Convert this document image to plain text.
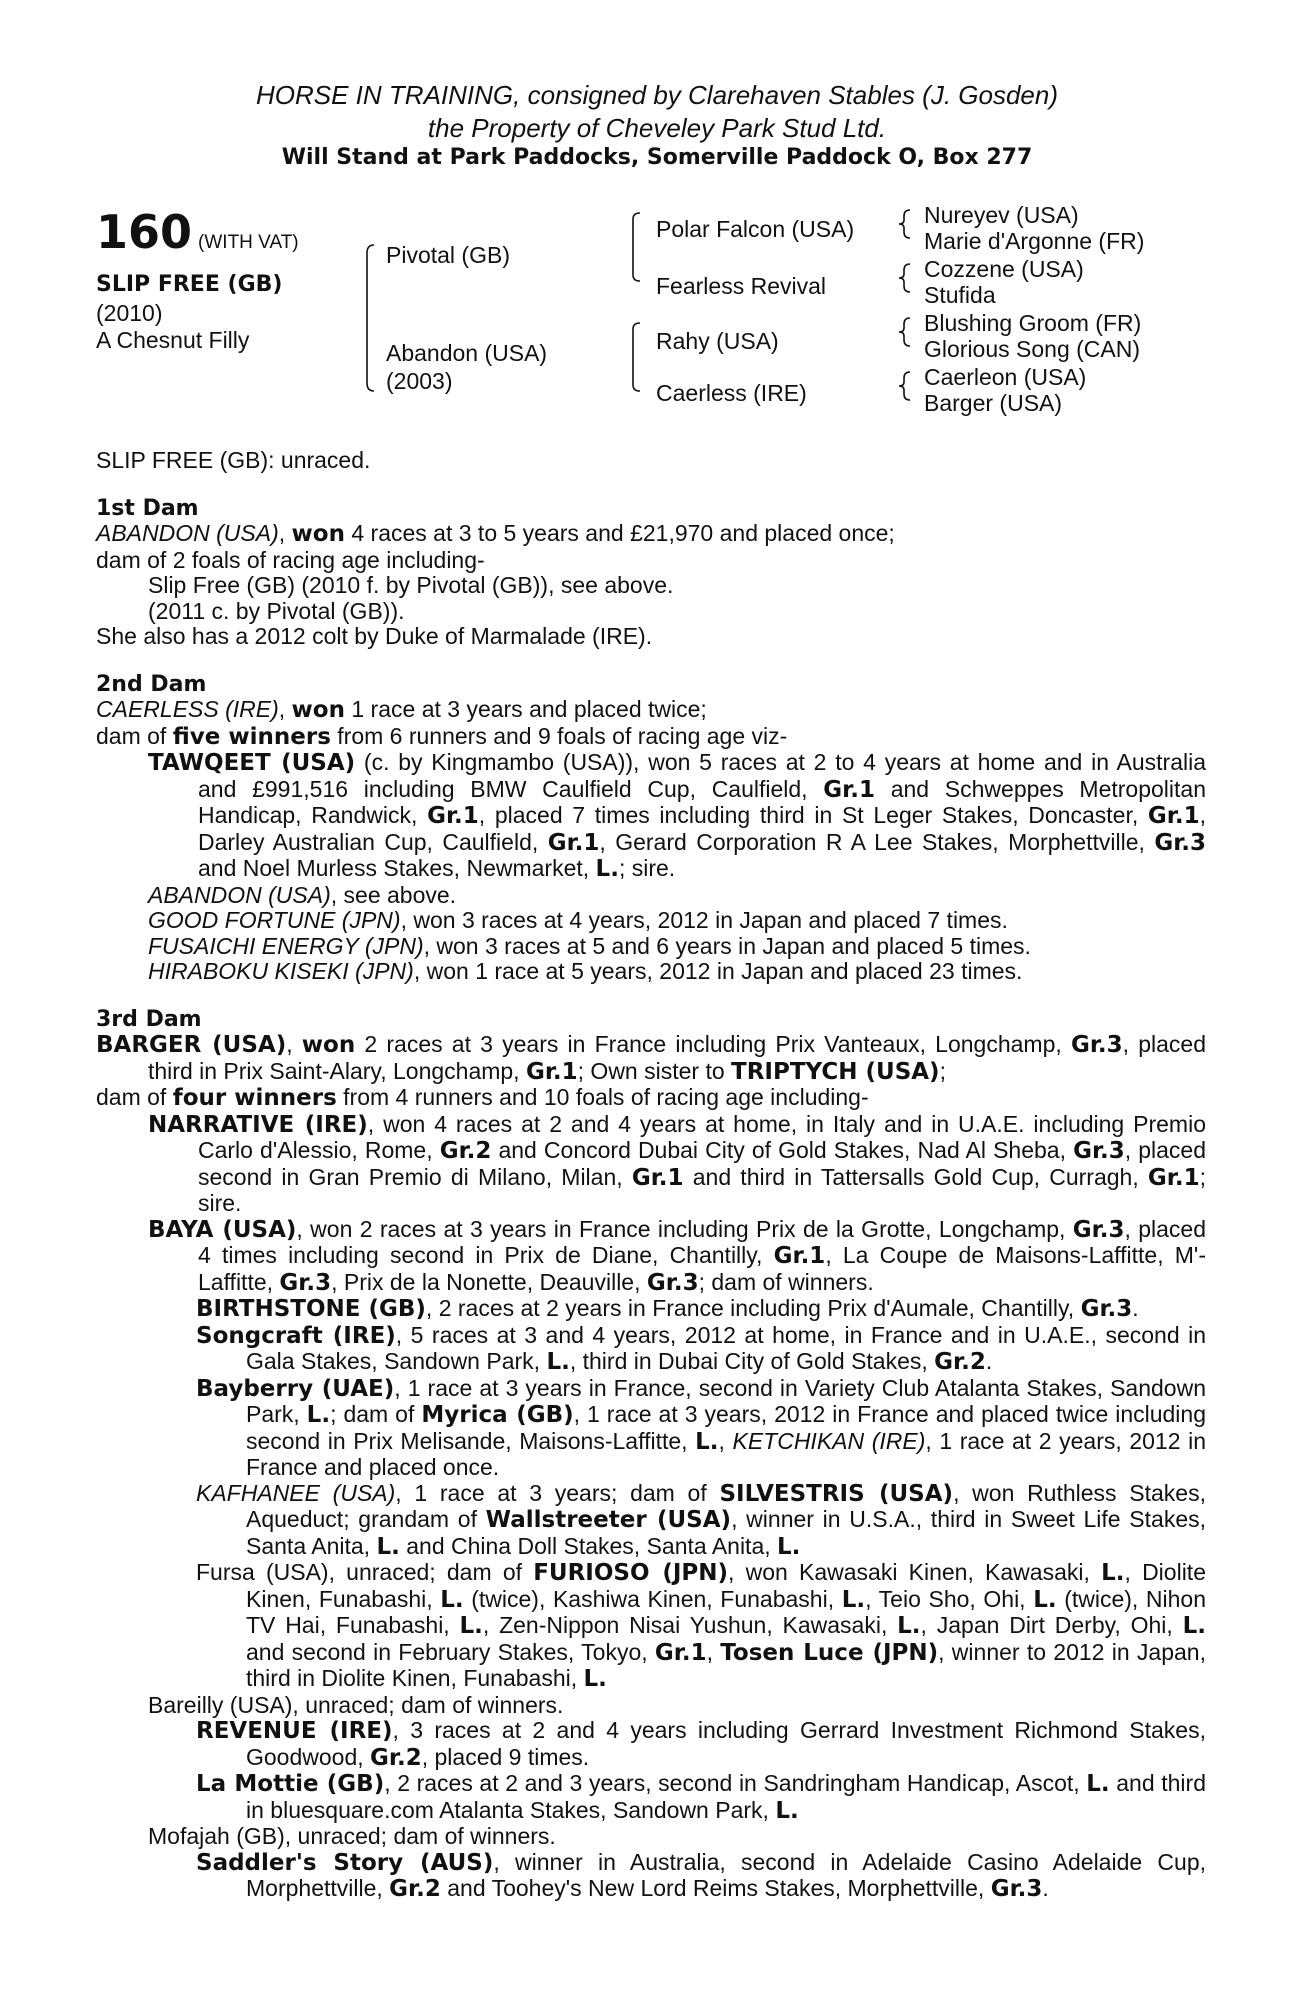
HORSE IN TRAINING, consigned by Clarehaven Stables (J. Gosden)
the Property of Cheveley Park Stud Ltd.
Will Stand at Park Paddocks, Somerville Paddock O, Box 277
160 (WITH VAT)
SLIP FREE (GB)
(2010)
A Chesnut Filly
Pivotal (GB)
Abandon (USA)
(2003)
Polar Falcon (USA)
Fearless Revival
Rahy (USA)
Caerless (IRE)
Nureyev (USA)
Marie d'Argonne (FR)
Cozzene (USA)
Stufida
Blushing Groom (FR)
Glorious Song (CAN)
Caerleon (USA)
Barger (USA)

SLIP FREE (GB): unraced.

1st Dam

ABANDON (USA), won 4 races at 3 to 5 years and £21,970 and placed once;

dam of 2 foals of racing age including-

Slip Free (GB) (2010 f. by Pivotal (GB)), see above.

(2011 c. by Pivotal (GB)).

She also has a 2012 colt by Duke of Marmalade (IRE).

2nd Dam

CAERLESS (IRE), won 1 race at 3 years and placed twice;

dam of five winners from 6 runners and 9 foals of racing age viz-

TAWQEET (USA) (c. by Kingmambo (USA)), won 5 races at 2 to 4 years at home and in Australia and £991,516 including BMW Caulfield Cup, Caulfield, Gr.1 and Schweppes Metropolitan Handicap, Randwick, Gr.1, placed 7 times including third in St Leger Stakes, Doncaster, Gr.1, Darley Australian Cup, Caulfield, Gr.1, Gerard Corporation R A Lee Stakes, Morphettville, Gr.3 and Noel Murless Stakes, Newmarket, L.; sire.

ABANDON (USA), see above.

GOOD FORTUNE (JPN), won 3 races at 4 years, 2012 in Japan and placed 7 times.

FUSAICHI ENERGY (JPN), won 3 races at 5 and 6 years in Japan and placed 5 times.

HIRABOKU KISEKI (JPN), won 1 race at 5 years, 2012 in Japan and placed 23 times.

3rd Dam

BARGER (USA), won 2 races at 3 years in France including Prix Vanteaux, Longchamp, Gr.3, placed third in Prix Saint-Alary, Longchamp, Gr.1; Own sister to TRIPTYCH (USA);

dam of four winners from 4 runners and 10 foals of racing age including-

NARRATIVE (IRE), won 4 races at 2 and 4 years at home, in Italy and in U.A.E. including Premio Carlo d'Alessio, Rome, Gr.2 and Concord Dubai City of Gold Stakes, Nad Al Sheba, Gr.3, placed second in Gran Premio di Milano, Milan, Gr.1 and third in Tattersalls Gold Cup, Curragh, Gr.1; sire.

BAYA (USA), won 2 races at 3 years in France including Prix de la Grotte, Longchamp, Gr.3, placed 4 times including second in Prix de Diane, Chantilly, Gr.1, La Coupe de Maisons-Laffitte, M'-Laffitte, Gr.3, Prix de la Nonette, Deauville, Gr.3; dam of winners.

BIRTHSTONE (GB), 2 races at 2 years in France including Prix d'Aumale, Chantilly, Gr.3.

Songcraft (IRE), 5 races at 3 and 4 years, 2012 at home, in France and in U.A.E., second in Gala Stakes, Sandown Park, L., third in Dubai City of Gold Stakes, Gr.2.

Bayberry (UAE), 1 race at 3 years in France, second in Variety Club Atalanta Stakes, Sandown Park, L.; dam of Myrica (GB), 1 race at 3 years, 2012 in France and placed twice including second in Prix Melisande, Maisons-Laffitte, L., KETCHIKAN (IRE), 1 race at 2 years, 2012 in France and placed once.

KAFHANEE (USA), 1 race at 3 years; dam of SILVESTRIS (USA), won Ruthless Stakes, Aqueduct; grandam of Wallstreeter (USA), winner in U.S.A., third in Sweet Life Stakes, Santa Anita, L. and China Doll Stakes, Santa Anita, L.

Fursa (USA), unraced; dam of FURIOSO (JPN), won Kawasaki Kinen, Kawasaki, L., Diolite Kinen, Funabashi, L. (twice), Kashiwa Kinen, Funabashi, L., Teio Sho, Ohi, L. (twice), Nihon TV Hai, Funabashi, L., Zen-Nippon Nisai Yushun, Kawasaki, L., Japan Dirt Derby, Ohi, L. and second in February Stakes, Tokyo, Gr.1, Tosen Luce (JPN), winner to 2012 in Japan, third in Diolite Kinen, Funabashi, L.

Bareilly (USA), unraced; dam of winners.

REVENUE (IRE), 3 races at 2 and 4 years including Gerrard Investment Richmond Stakes, Goodwood, Gr.2, placed 9 times.

La Mottie (GB), 2 races at 2 and 3 years, second in Sandringham Handicap, Ascot, L. and third in bluesquare.com Atalanta Stakes, Sandown Park, L.

Mofajah (GB), unraced; dam of winners.

Saddler's Story (AUS), winner in Australia, second in Adelaide Casino Adelaide Cup, Morphettville, Gr.2 and Toohey's New Lord Reims Stakes, Morphettville, Gr.3.
